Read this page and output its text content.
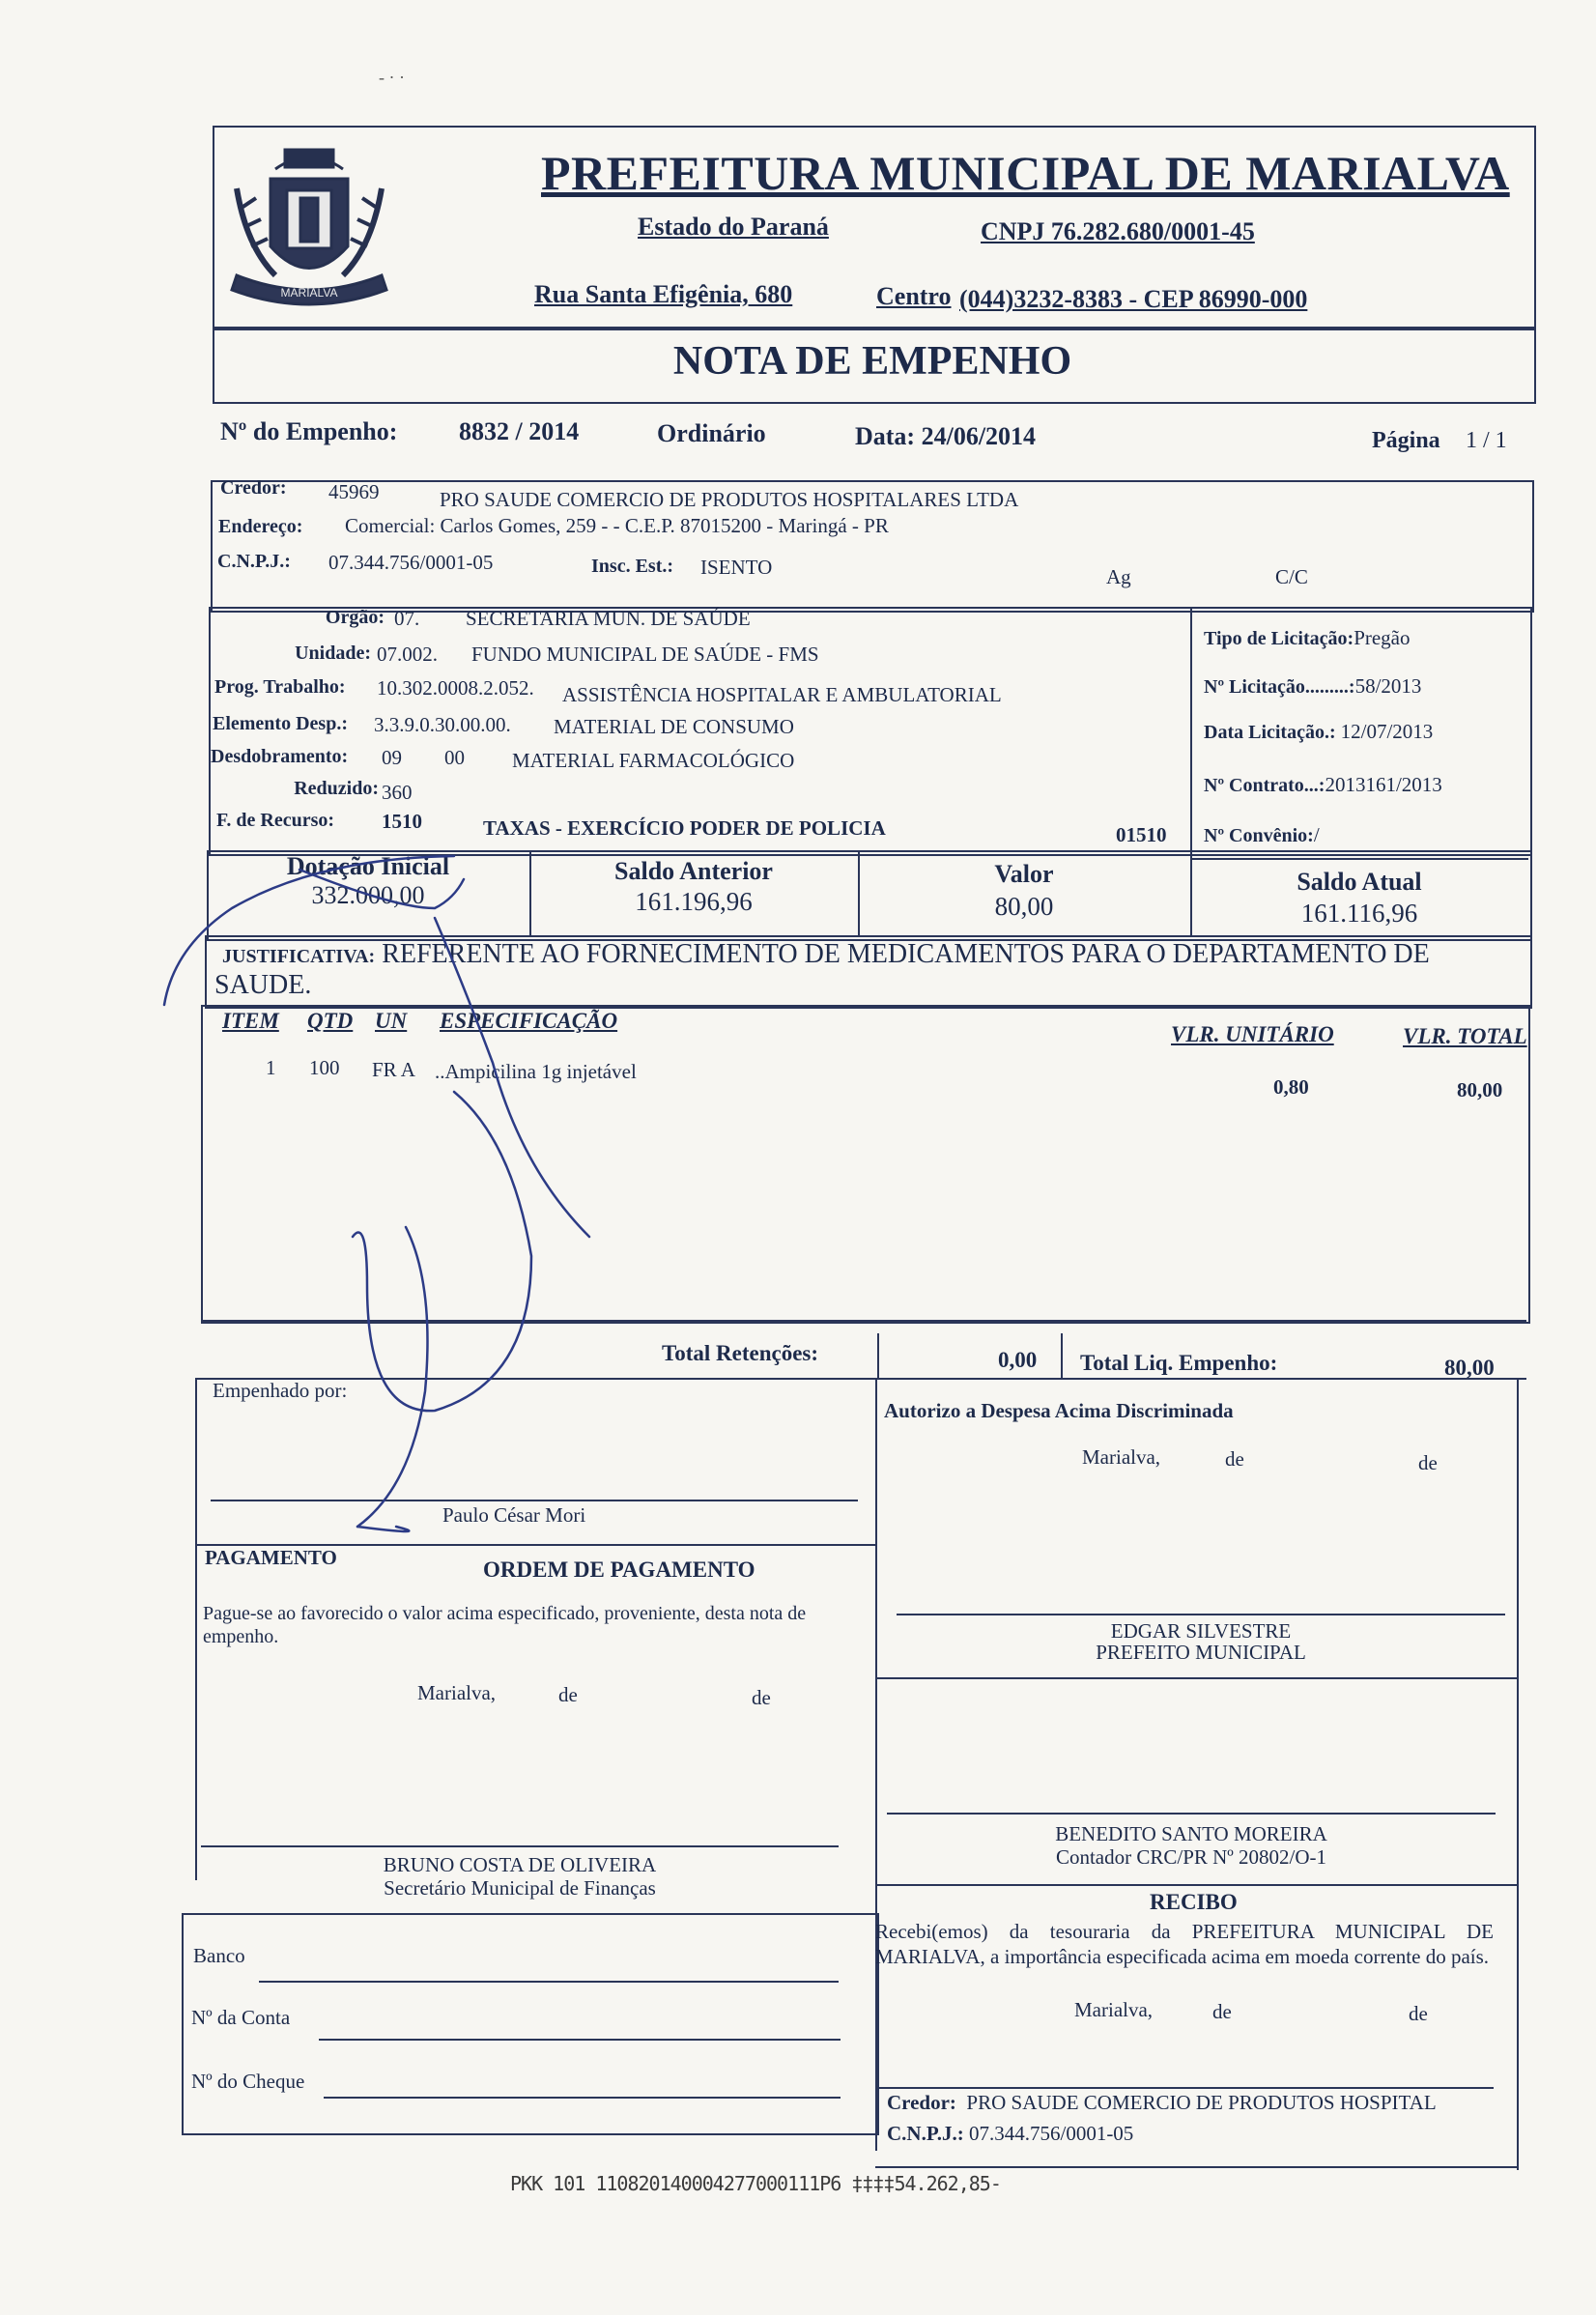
- · ·
MARIALVA
PREFEITURA MUNICIPAL DE MARIALVA
Estado do Paraná	CNPJ 76.282.680/0001-45
Rua Santa Efigênia, 680	Centro (044)3232-8383 - CEP 86990-000
NOTA DE EMPENHO
Nº do Empenho: 8832 / 2014	Ordinário	Data: 24/06/2014	Página 1 / 1
Credor: 45969	PRO SAUDE COMERCIO DE PRODUTOS HOSPITALARES LTDA
Endereço: Comercial: Carlos Gomes, 259 - - C.E.P. 87015200 - Maringá - PR
C.N.P.J.: 07.344.756/0001-05	Insc. Est.: ISENTO	Ag	C/C
Orgão: 07. SECRETARIA MUN. DE SAÚDE
Unidade: 07.002. FUNDO MUNICIPAL DE SAÚDE - FMS
Prog. Trabalho: 10.302.0008.2.052. ASSISTÊNCIA HOSPITALAR E AMBULATORIAL
Elemento Desp.: 3.3.9.0.30.00.00. MATERIAL DE CONSUMO
Desdobramento: 09 00 MATERIAL FARMACOLÓGICO
Reduzido: 360
F. de Recurso: 1510	TAXAS - EXERCÍCIO PODER DE POLICIA	01510
Tipo de Licitação:Pregão
Nº Licitação.........:58/2013
Data Licitação.: 12/07/2013
Nº Contrato...:2013161/2013
Nº Convênio:/
Dotação Inicial
332.000,00
Saldo Anterior
161.196,96
Valor
80,00
Saldo Atual
161.116,96
JUSTIFICATIVA: REFERENTE AO FORNECIMENTO DE MEDICAMENTOS PARA O DEPARTAMENTO DE

SAUDE.
ITEM QTD UN ESPECIFICAÇÃO
VLR. UNITÁRIO	VLR. TOTAL
1 100 FR A ..Ampicilina 1g injetável
0,80	80,00
Total Retenções:	0,00 Total Liq. Empenho:	80,00
Empenhado por:
Paulo César Mori
Autorizo a Despesa Acima Discriminada
Marialva,	de	de
EDGAR SILVESTRE
PREFEITO MUNICIPAL
BENEDITO SANTO MOREIRA
Contador CRC/PR Nº 20802/O-1
PAGAMENTO	ORDEM DE PAGAMENTO
Pague-se ao favorecido o valor acima especificado, proveniente, desta nota de empenho.
Marialva,	de	de
BRUNO COSTA DE OLIVEIRA
Secretário Municipal de Finanças
Banco
Nº da Conta
Nº do Cheque
RECIBO
Recebi(emos) da tesouraria da PREFEITURA MUNICIPAL DE MARIALVA, a importância especificada acima em moeda corrente do país.
Marialva,	de	de
Credor: PRO SAUDE COMERCIO DE PRODUTOS HOSPITAL
C.N.P.J.: 07.344.756/0001-05
PKK 101 110820140004277000111P6 ‡‡‡‡54.262,85-
